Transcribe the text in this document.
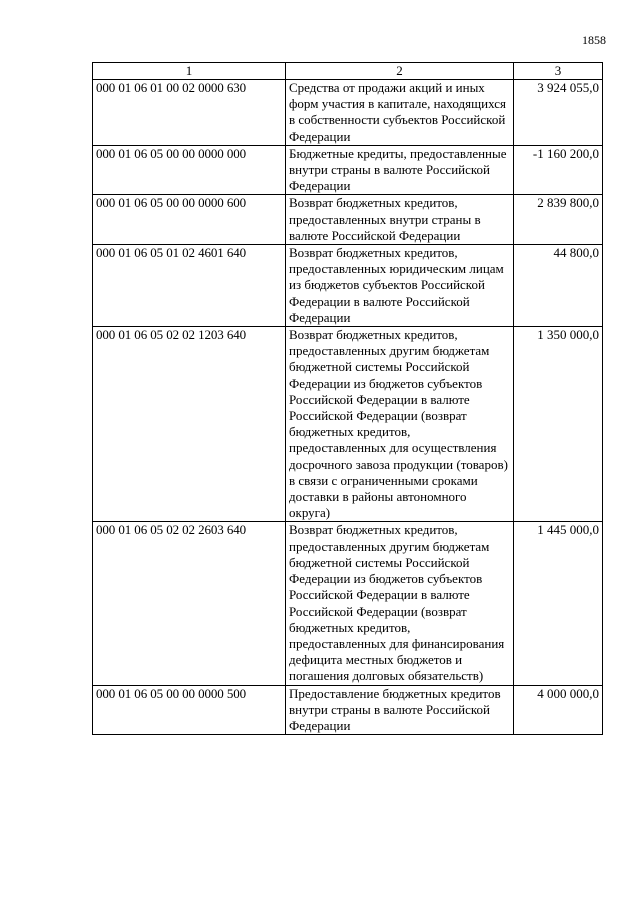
1858
1	2	3
000 01 06 01 00 02 0000 630	Средства от продажи акций и иных форм участия в капитале, находящихся в собственности субъектов Российской Федерации	3 924 055,0
000 01 06 05 00 00 0000 000	Бюджетные кредиты, предоставленные внутри страны в валюте Российской Федерации	-1 160 200,0
000 01 06 05 00 00 0000 600	Возврат бюджетных кредитов, предоставленных внутри страны в валюте Российской Федерации	2 839 800,0
000 01 06 05 01 02 4601 640	Возврат бюджетных кредитов, предоставленных юридическим лицам из бюджетов субъектов Российской Федерации в валюте Российской Федерации	44 800,0
000 01 06 05 02 02 1203 640	Возврат бюджетных кредитов, предоставленных другим бюджетам бюджетной системы Российской Федерации из бюджетов субъектов Российской Федерации в валюте Российской Федерации (возврат бюджетных кредитов, предоставленных для осуществления досрочного завоза продукции (товаров) в связи с ограниченными сроками доставки в районы автономного округа)	1 350 000,0
000 01 06 05 02 02 2603 640	Возврат бюджетных кредитов, предоставленных другим бюджетам бюджетной системы Российской Федерации из бюджетов субъектов Российской Федерации в валюте Российской Федерации (возврат бюджетных кредитов, предоставленных для финансирования дефицита местных бюджетов и погашения долговых обязательств)	1 445 000,0
000 01 06 05 00 00 0000 500	Предоставление бюджетных кредитов внутри страны в валюте Российской Федерации	4 000 000,0
